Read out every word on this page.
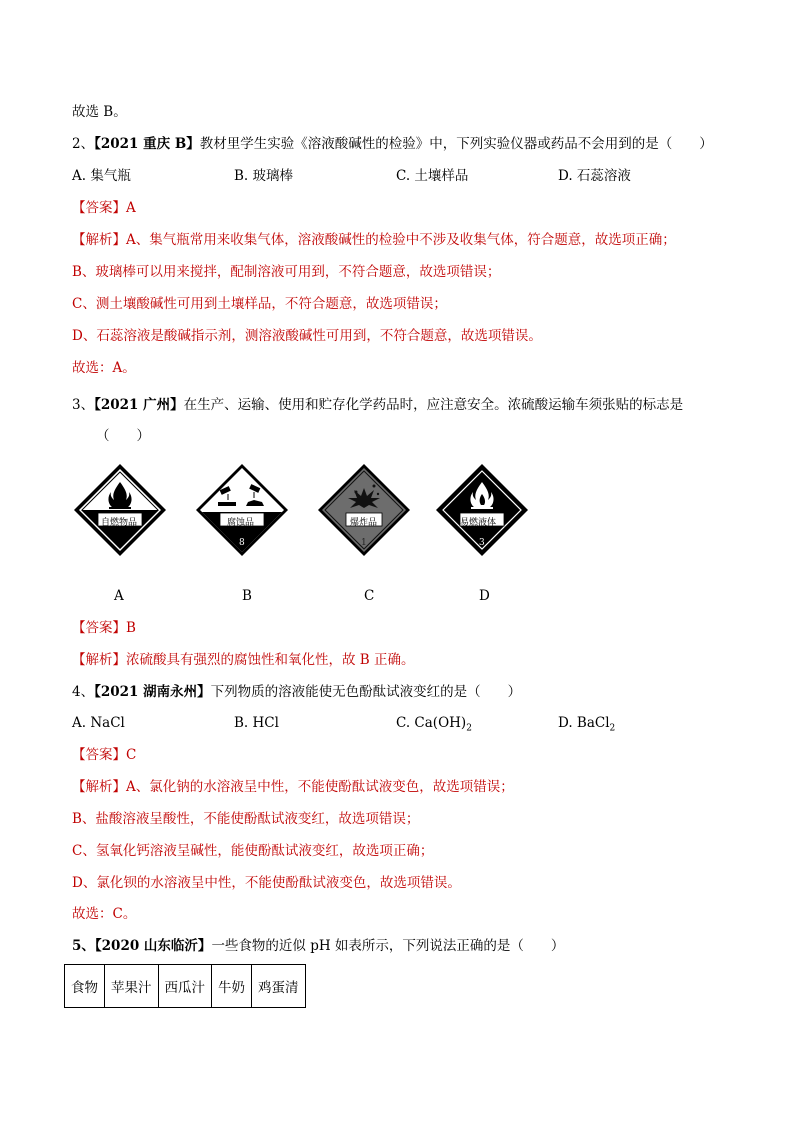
故选 B。
2、【2021 重庆 B】教材里学生实验《溶液酸碱性的检验》中，下列实验仪器或药品不会用到的是（　　）
A. 集气瓶	B. 玻璃棒	C. 土壤样品	D. 石蕊溶液
【答案】A
【解析】A、集气瓶常用来收集气体，溶液酸碱性的检验中不涉及收集气体，符合题意，故选项正确；
B、玻璃棒可以用来搅拌，配制溶液可用到，不符合题意，故选项错误；
C、测土壤酸碱性可用到土壤样品，不符合题意，故选项错误；
D、石蕊溶液是酸碱指示剂，测溶液酸碱性可用到，不符合题意，故选项错误。
故选：A。
3、【2021 广州】在生产、运输、使用和贮存化学药品时，应注意安全。浓硫酸运输车须张贴的标志是
（　　）
自燃物品	腐蚀品
8
爆炸品
1
易燃液体
3
A	B	C	D
【答案】B
【解析】浓硫酸具有强烈的腐蚀性和氧化性，故 B 正确。
4、【2021 湖南永州】下列物质的溶液能使无色酚酞试液变红的是（　　）
A. NaCl	B. HCl	C. $Ca(OH)_2$	D. BaCl$_2$
【答案】C
【解析】A、氯化钠的水溶液呈中性，不能使酚酞试液变色，故选项错误；
B、盐酸溶液呈酸性，不能使酚酞试液变红，故选项错误；
C、氢氧化钙溶液呈碱性，能使酚酞试液变红，故选项正确；
D、氯化钡的水溶液呈中性，不能使酚酞试液变色，故选项错误。
故选：C。
5、【2020 山东临沂】一些食物的近似 pH 如表所示，下列说法正确的是（　　）
食物	苹果汁	西瓜汁	牛奶	鸡蛋清
